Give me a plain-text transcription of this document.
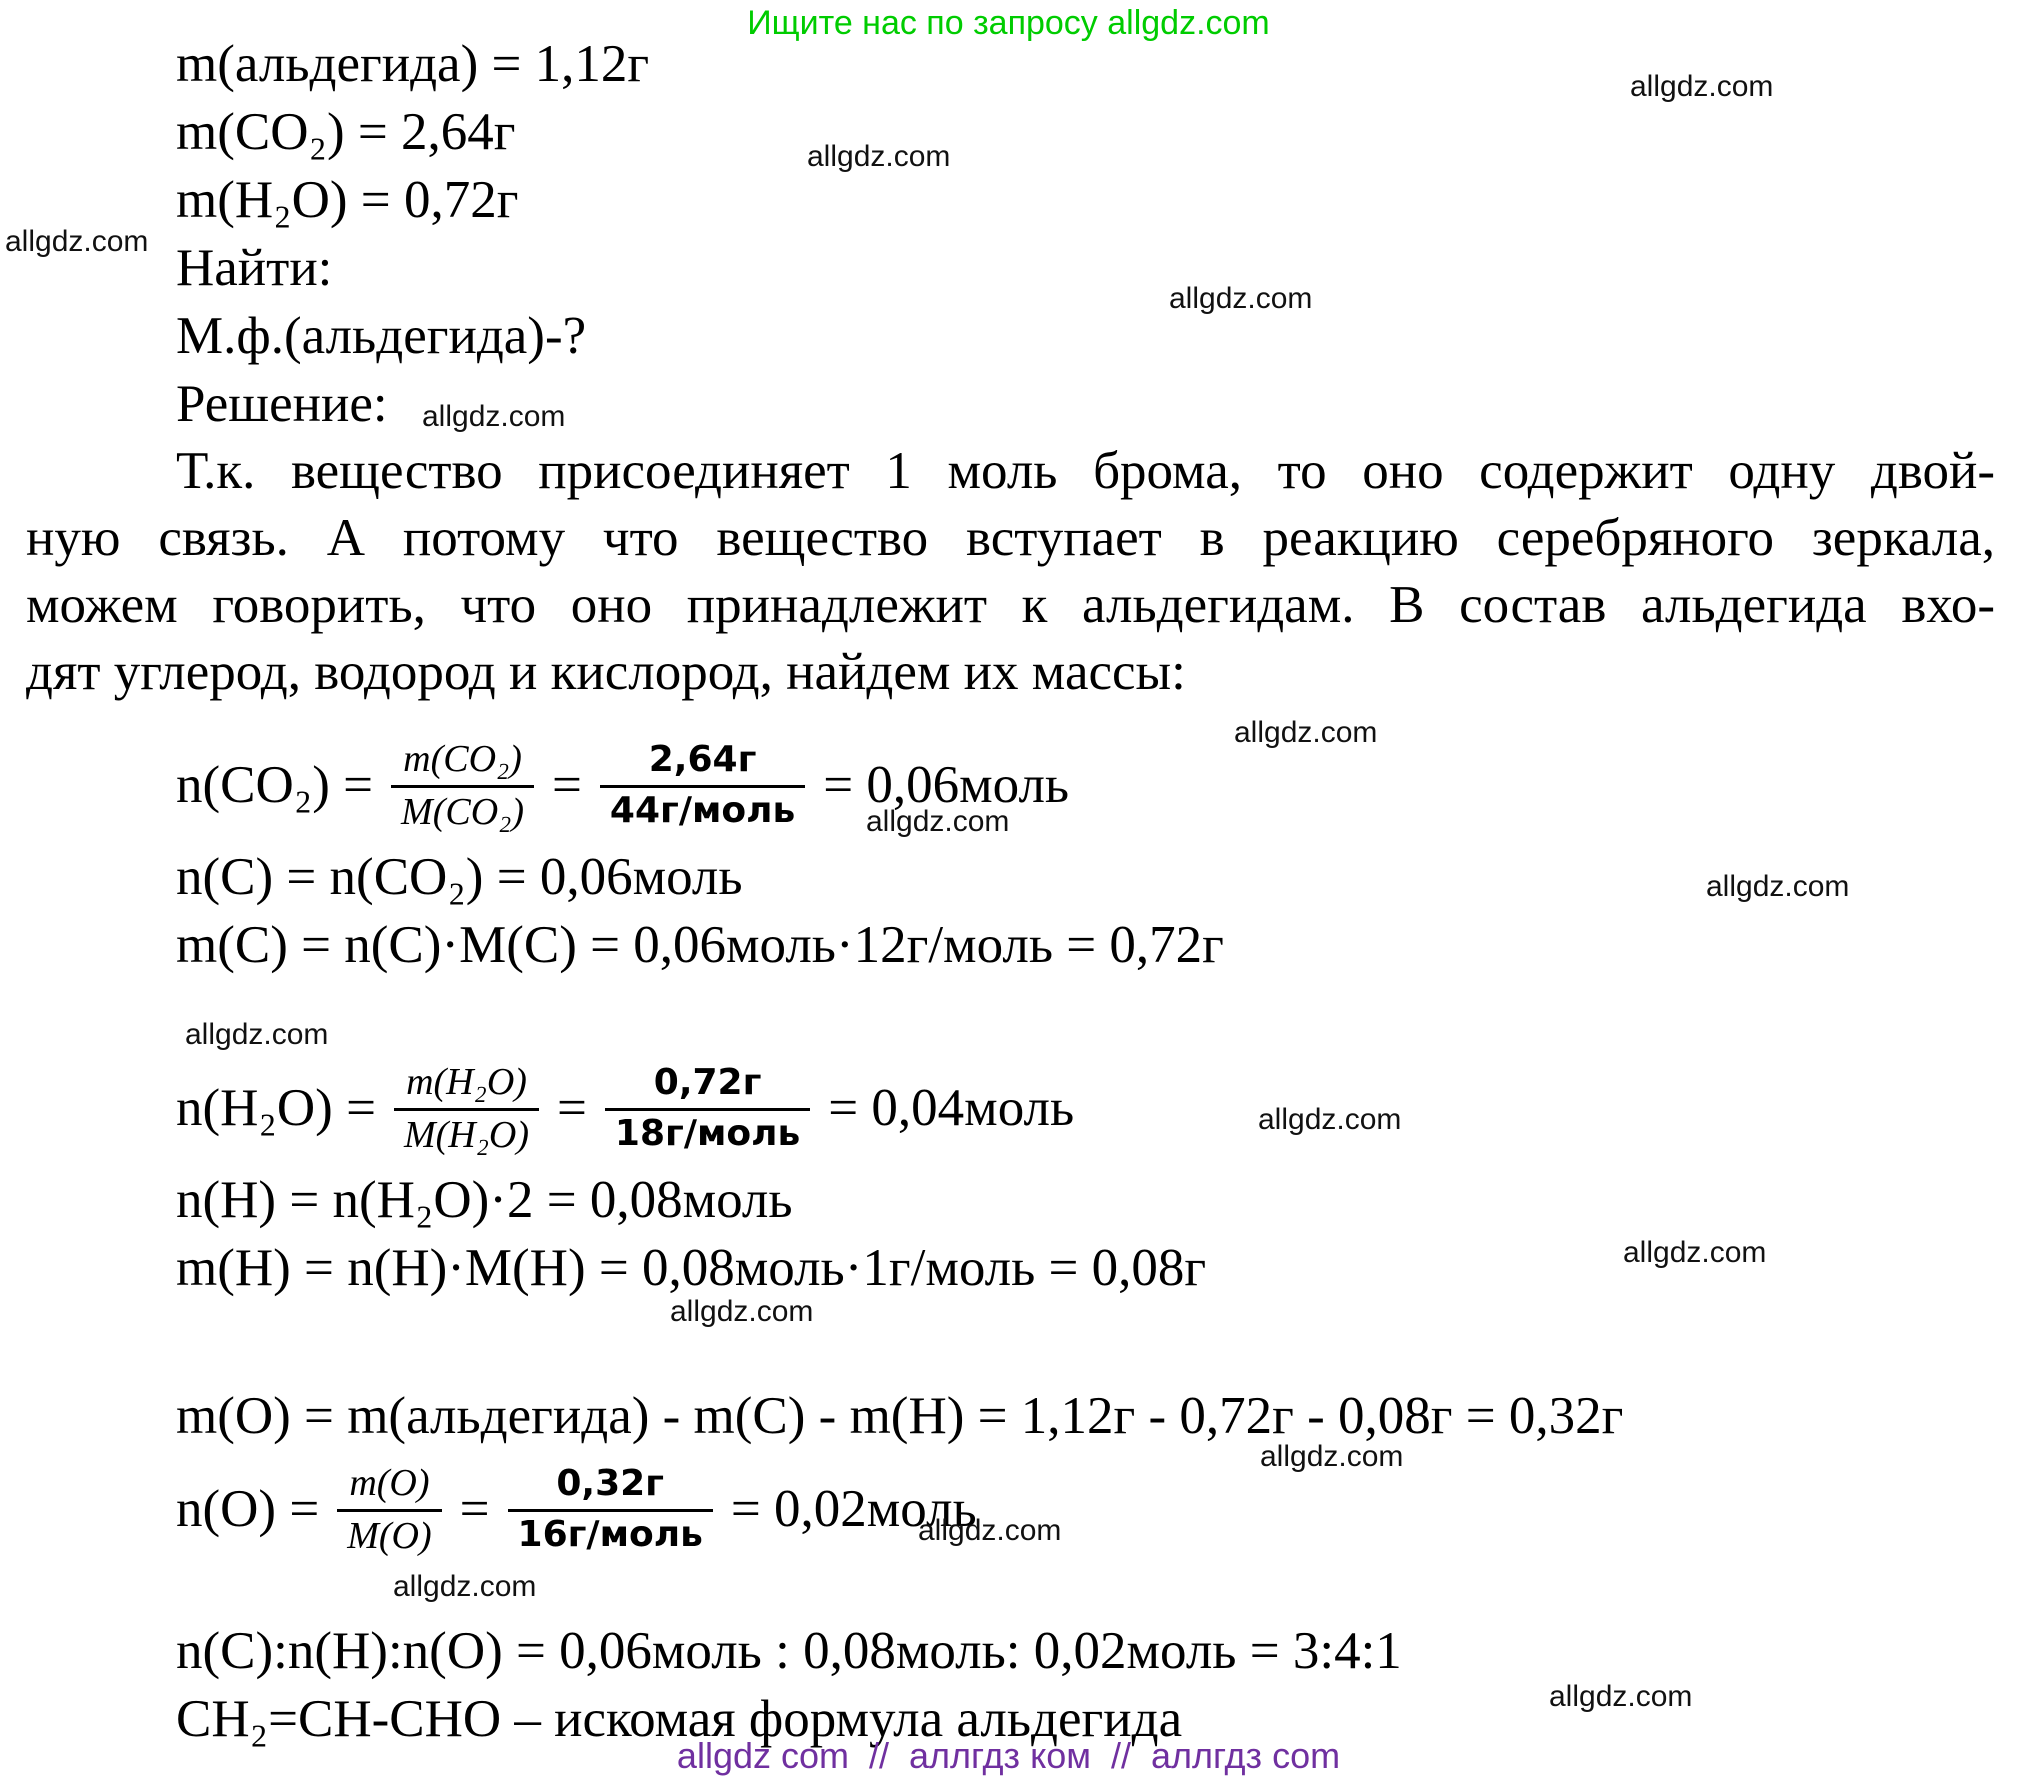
Ищите нас по запросу allgdz.com
m(альдегида) = 1,12г
m(CO₂) = 2,64г
m(H₂O) = 0,72г
Найти:
М.ф.(альдегида)-?
Решение:
Т.к. вещество присоединяет 1 моль брома, то оно содержит одну двой-
ную связь. А потому что вещество вступает в реакцию серебряного зеркала,
можем говорить, что оно принадлежит к альдегидам. В состав альдегида вхо-
дят углерод, водород и кислород, найдем их массы:
$n(CO_2) = \frac{\text{m(CO₂)}}{\text{M(CO₂)}} = \frac{2,64г}{\text{44г/моль}}$ = 0,06моль
n(C) = n(CO₂) = 0,06моль
m(C) = n(C)·M(C) = 0,06моль·12г/моль = 0,72г
$n(H_2O) = \frac{\text{m(H₂O)}}{\text{M(H₂O)}} = \frac{0,72г}{\text{18г/моль}}$ = 0,04моль
n(H) = n(H₂O)·2 = 0,08моль
m(H) = n(H)·M(H) = 0,08моль·1г/моль = 0,08г
m(O) = m(альдегида) - m(C) - m(H) = 1,12г - 0,72г - 0,08г = 0,32г
$n(O) = \frac{m(O)}{M(O)} = \frac{0,32г}{\text{16г/моль}}$ = 0,02моль
n(C):n(H):n(O) = 0,06моль : 0,08моль: 0,02моль = 3:4:1
CH₂=CH-CHO – искомая формула альдегида
allgdz.com
allgdz.com
allgdz.com
allgdz.com
allgdz.com
allgdz.com
allgdz.com
allgdz.com
allgdz.com
allgdz.com
allgdz.com
allgdz.com
allgdz.com
allgdz.com
allgdz.com
allgdz.com
allgdz com  //  аллгдз ком  //  аллгдз com
